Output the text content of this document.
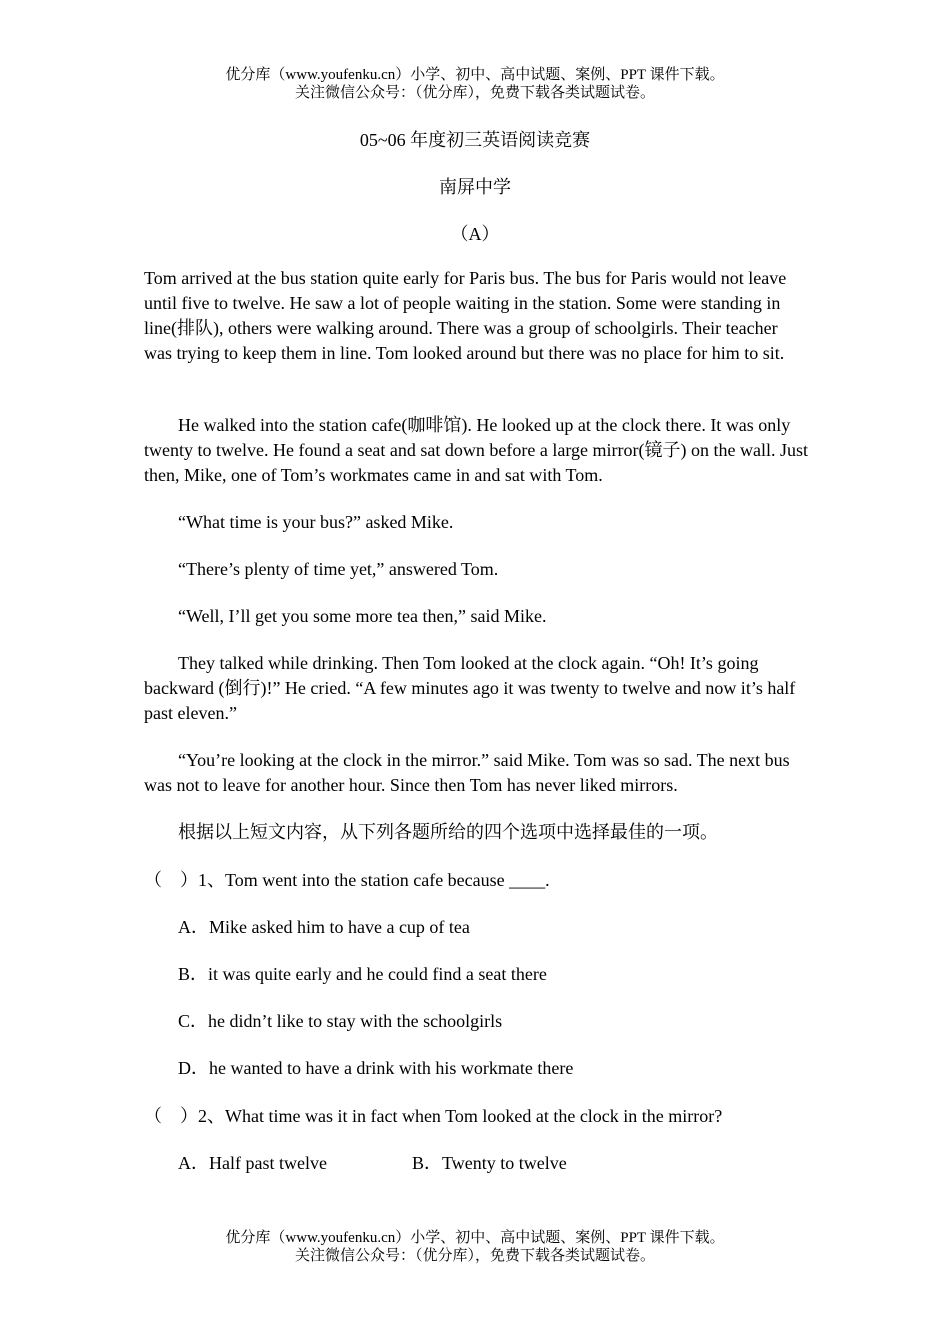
优分库（www.youfenku.cn）小学、初中、高中试题、案例、PPT 课件下载。
关注微信公众号：（优分库），免费下载各类试题试卷。
05~06 年度初三英语阅读竞赛
南屏中学
（A）

Tom arrived at the bus station quite early for Paris bus. The bus for Paris would not leave until five to twelve. He saw a lot of people waiting in the station. Some were standing in line(排队), others were walking around. There was a group of schoolgirls. Their teacher was trying to keep them in line. Tom looked around but there was no place for him to sit.

He walked into the station cafe(咖啡馆). He looked up at the clock there. It was only twenty to twelve. He found a seat and sat down before a large mirror(镜子) on the wall. Just then, Mike, one of Tom’s workmates came in and sat with Tom.

“What time is your bus?” asked Mike.

“There’s plenty of time yet,” answered Tom.

“Well, I’ll get you some more tea then,” said Mike.

They talked while drinking. Then Tom looked at the clock again. “Oh! It’s going backward (倒行)!” He cried. “A few minutes ago it was twenty to twelve and now it’s half past eleven.”

“You’re looking at the clock in the mirror.” said Mike. Tom was so sad. The next bus was not to leave for another hour. Since then Tom has never liked mirrors.

根据以上短文内容，从下列各题所给的四个选项中选择最佳的一项。

（　）1、Tom went into the station cafe because ____.
A．Mike asked him to have a cup of tea
B．it was quite early and he could find a seat there
C．he didn’t like to stay with the schoolgirls
D．he wanted to have a drink with his workmate there
（　）2、What time was it in fact when Tom looked at the clock in the mirror?
A．Half past twelve	B．Twenty to twelve
优分库（www.youfenku.cn）小学、初中、高中试题、案例、PPT 课件下载。
关注微信公众号：（优分库），免费下载各类试题试卷。
